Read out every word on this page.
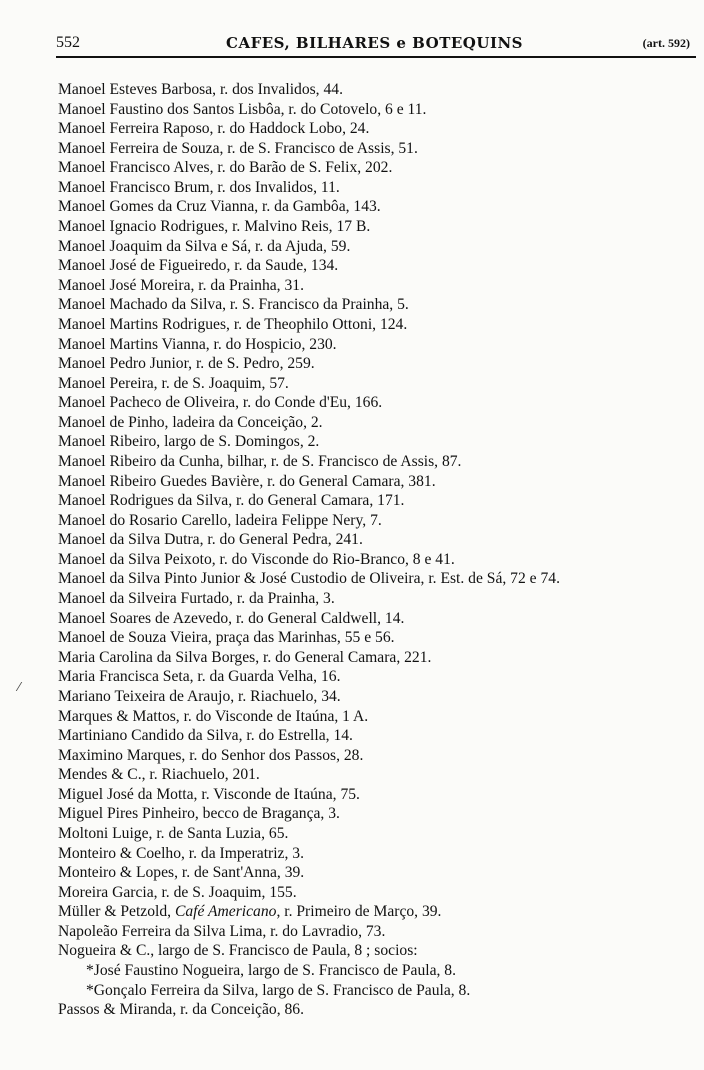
552	CAFES, BILHARES e BOTEQUINS	(art. 592)
Manoel Esteves Barbosa, r. dos Invalidos, 44.
Manoel Faustino dos Santos Lisbôa, r. do Cotovelo, 6 e 11.
Manoel Ferreira Raposo, r. do Haddock Lobo, 24.
Manoel Ferreira de Souza, r. de S. Francisco de Assis, 51.
Manoel Francisco Alves, r. do Barão de S. Felix, 202.
Manoel Francisco Brum, r. dos Invalidos, 11.
Manoel Gomes da Cruz Vianna, r. da Gambôa, 143.
Manoel Ignacio Rodrigues, r. Malvino Reis, 17 B.
Manoel Joaquim da Silva e Sá, r. da Ajuda, 59.
Manoel José de Figueiredo, r. da Saude, 134.
Manoel José Moreira, r. da Prainha, 31.
Manoel Machado da Silva, r. S. Francisco da Prainha, 5.
Manoel Martins Rodrigues, r. de Theophilo Ottoni, 124.
Manoel Martins Vianna, r. do Hospicio, 230.
Manoel Pedro Junior, r. de S. Pedro, 259.
Manoel Pereira, r. de S. Joaquim, 57.
Manoel Pacheco de Oliveira, r. do Conde d'Eu, 166.
Manoel de Pinho, ladeira da Conceição, 2.
Manoel Ribeiro, largo de S. Domingos, 2.
Manoel Ribeiro da Cunha, bilhar, r. de S. Francisco de Assis, 87.
Manoel Ribeiro Guedes Bavière, r. do General Camara, 381.
Manoel Rodrigues da Silva, r. do General Camara, 171.
Manoel do Rosario Carello, ladeira Felippe Nery, 7.
Manoel da Silva Dutra, r. do General Pedra, 241.
Manoel da Silva Peixoto, r. do Visconde do Rio-Branco, 8 e 41.
Manoel da Silva Pinto Junior & José Custodio de Oliveira, r. Est. de Sá, 72 e 74.
Manoel da Silveira Furtado, r. da Prainha, 3.
Manoel Soares de Azevedo, r. do General Caldwell, 14.
Manoel de Souza Vieira, praça das Marinhas, 55 e 56.
Maria Carolina da Silva Borges, r. do General Camara, 221.
Maria Francisca Seta, r. da Guarda Velha, 16.
Mariano Teixeira de Araujo, r. Riachuelo, 34.
Marques & Mattos, r. do Visconde de Itaúna, 1 A.
Martiniano Candido da Silva, r. do Estrella, 14.
Maximino Marques, r. do Senhor dos Passos, 28.
Mendes & C., r. Riachuelo, 201.
Miguel José da Motta, r. Visconde de Itaúna, 75.
Miguel Pires Pinheiro, becco de Bragança, 3.
Moltoni Luige, r. de Santa Luzia, 65.
Monteiro & Coelho, r. da Imperatriz, 3.
Monteiro & Lopes, r. de Sant'Anna, 39.
Moreira Garcia, r. de S. Joaquim, 155.
Müller & Petzold, Café Americano, r. Primeiro de Março, 39.
Napoleão Ferreira da Silva Lima, r. do Lavradio, 73.
Nogueira & C., largo de S. Francisco de Paula, 8 ; socios:
*José Faustino Nogueira, largo de S. Francisco de Paula, 8.
*Gonçalo Ferreira da Silva, largo de S. Francisco de Paula, 8.
Passos & Miranda, r. da Conceição, 86.
⁄
